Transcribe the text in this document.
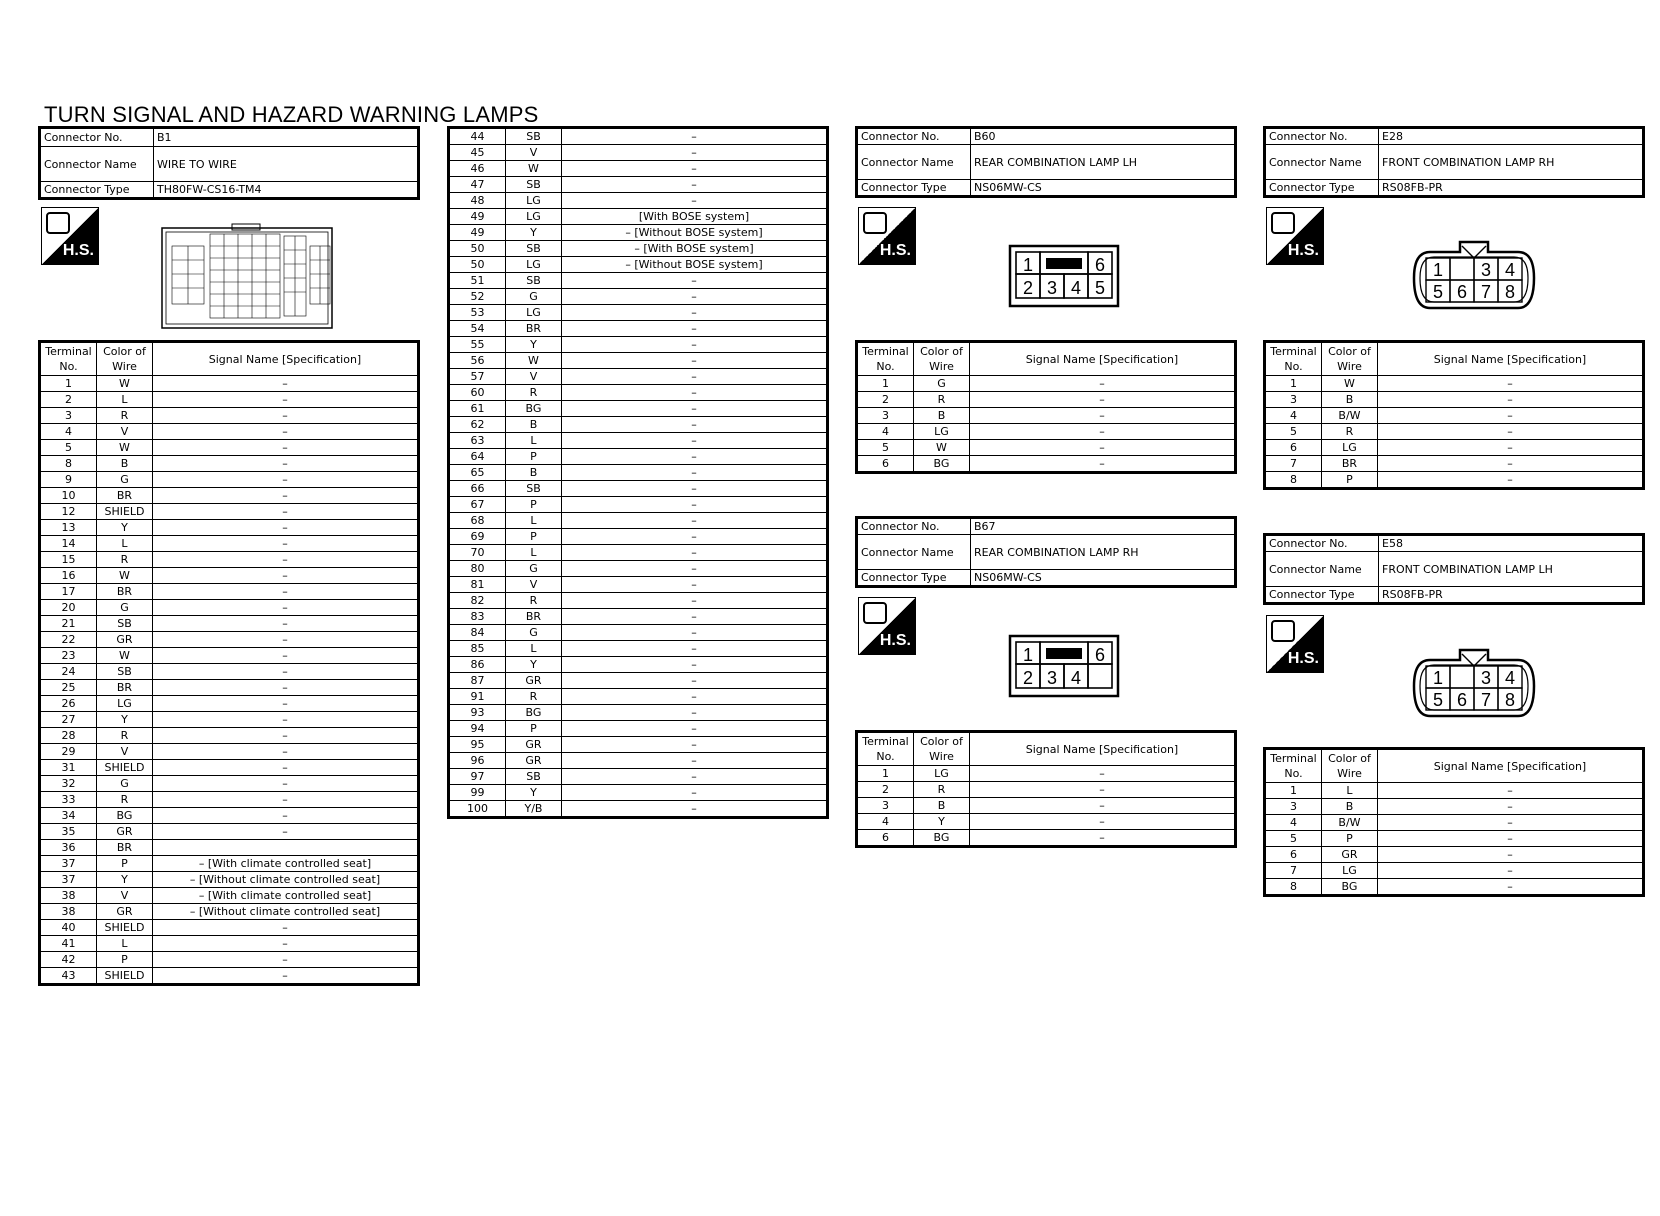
TURN SIGNAL AND HAZARD WARNING LAMPS
Connector No.	B1
Connector Name	WIRE TO WIRE
Connector Type	TH80FW-CS16-TM4
H.S.
Terminal No.	Color of Wire	Signal Name [Specification]
1	W	–
2	L	–
3	R	–
4	V	–
5	W	–
8	B	–
9	G	–
10	BR	–
12	SHIELD	–
13	Y	–
14	L	–
15	R	–
16	W	–
17	BR	–
20	G	–
21	SB	–
22	GR	–
23	W	–
24	SB	–
25	BR	–
26	LG	–
27	Y	–
28	R	–
29	V	–
31	SHIELD	–
32	G	–
33	R	–
34	BG	–
35	GR	–
36	BR	
37	P	– [With climate controlled seat]
37	Y	– [Without climate controlled seat]
38	V	– [With climate controlled seat]
38	GR	– [Without climate controlled seat]
40	SHIELD	–
41	L	–
42	P	–
43	SHIELD	–
44	SB	–
45	V	–
46	W	–
47	SB	–
48	LG	–
49	LG	[With BOSE system]
49	Y	– [Without BOSE system]
50	SB	– [With BOSE system]
50	LG	– [Without BOSE system]
51	SB	–
52	G	–
53	LG	–
54	BR	–
55	Y	–
56	W	–
57	V	–
60	R	–
61	BG	–
62	B	–
63	L	–
64	P	–
65	B	–
66	SB	–
67	P	–
68	L	–
69	P	–
70	L	–
80	G	–
81	V	–
82	R	–
83	BR	–
84	G	–
85	L	–
86	Y	–
87	GR	–
91	R	–
93	BG	–
94	P	–
95	GR	–
96	GR	–
97	SB	–
99	Y	–
100	Y/B	–
Connector No.	B60
Connector Name	REAR COMBINATION LAMP LH
Connector Type	NS06MW-CS
H.S.
1	6
2 3 4 5
Terminal No.	Color of Wire	Signal Name [Specification]
1	G	–
2	R	–
3	B	–
4	LG	–
5	W	–
6	BG	–
Connector No.	B67
Connector Name	REAR COMBINATION LAMP RH
Connector Type	NS06MW-CS
H.S.
1	6
2 3 4
Terminal No.	Color of Wire	Signal Name [Specification]
1	LG	–
2	R	–
3	B	–
4	Y	–
6	BG	–
Connector No.	E28
Connector Name	FRONT COMBINATION LAMP RH
Connector Type	RS08FB-PR
H.S.
1 3 4
5 6 7 8
Terminal No.	Color of Wire	Signal Name [Specification]
1	W	–
3	B	–
4	B/W	–
5	R	–
6	LG	–
7	BR	–
8	P	–
Connector No.	E58
Connector Name	FRONT COMBINATION LAMP LH
Connector Type	RS08FB-PR
H.S.
1 3 4
5 6 7 8
Terminal No.	Color of Wire	Signal Name [Specification]
1	L	–
3	B	–
4	B/W	–
5	P	–
6	GR	–
7	LG	–
8	BG	–
